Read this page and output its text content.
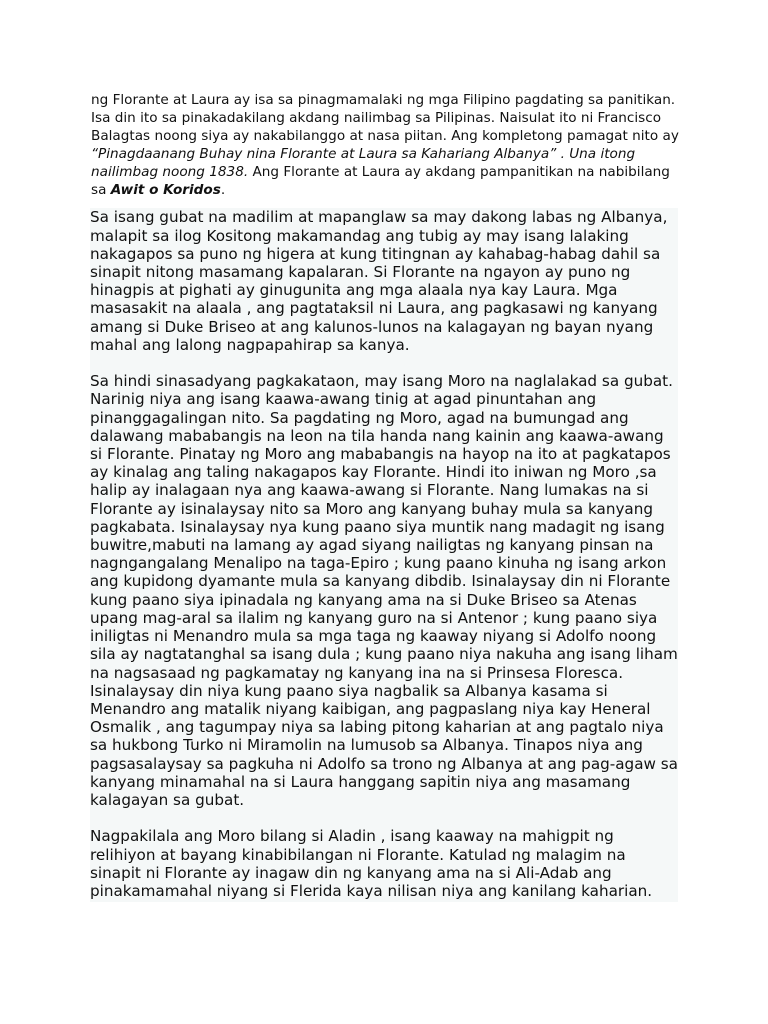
ng Florante at Laura ay isa sa pinagmamalaki ng mga Filipino pagdating sa panitikan. Isa din ito sa pinakadakilang akdang nailimbag sa Pilipinas. Naisulat ito ni Francisco Balagtas noong siya ay nakabilanggo at nasa piitan. Ang kompletong pamagat nito ay “Pinagdaanang Buhay nina Florante at Laura sa Kahariang Albanya” . Una itong nailimbag noong 1838. Ang Florante at Laura ay akdang pampanitikan na nabibilang sa Awit o Koridos.

Sa isang gubat na madilim at mapanglaw sa may dakong labas ng Albanya, malapit sa ilog Kositong makamandag ang tubig ay may isang lalaking nakagapos sa puno ng higera at kung titingnan ay kahabag-habag dahil sa sinapit nitong masamang kapalaran. Si Florante na ngayon ay puno ng hinagpis at pighati ay ginugunita ang mga alaala nya kay Laura. Mga masasakit na alaala , ang pagtataksil ni Laura, ang pagkasawi ng kanyang amang si Duke Briseo at ang kalunos-lunos na kalagayan ng bayan nyang mahal ang lalong nagpapahirap sa kanya.

Sa hindi sinasadyang pagkakataon, may isang Moro na naglalakad sa gubat. Narinig niya ang isang kaawa-awang tinig at agad pinuntahan ang pinanggagalingan nito. Sa pagdating ng Moro, agad na bumungad ang dalawang mababangis na leon na tila handa nang kainin ang kaawa-awang si Florante. Pinatay ng Moro ang mababangis na hayop na ito at pagkatapos ay kinalag ang taling nakagapos kay Florante. Hindi ito iniwan ng Moro ,sa halip ay inalagaan nya ang kaawa-awang si Florante. Nang lumakas na si Florante ay isinalaysay nito sa Moro ang kanyang buhay mula sa kanyang pagkabata. Isinalaysay nya kung paano siya muntik nang madagit ng isang buwitre,mabuti na lamang ay agad siyang nailigtas ng kanyang pinsan na nagngangalang Menalipo na taga-Epiro ; kung paano kinuha ng isang arkon ang kupidong dyamante mula sa kanyang dibdib. Isinalaysay din ni Florante kung paano siya ipinadala ng kanyang ama na si Duke Briseo sa Atenas upang mag-aral sa ilalim ng kanyang guro na si Antenor ; kung paano siya iniligtas ni Menandro mula sa mga taga ng kaaway niyang si Adolfo noong sila ay nagtatanghal sa isang dula ; kung paano niya nakuha ang isang liham na nagsasaad ng pagkamatay ng kanyang ina na si Prinsesa Floresca. Isinalaysay din niya kung paano siya nagbalik sa Albanya kasama si Menandro ang matalik niyang kaibigan, ang pagpaslang niya kay Heneral Osmalik , ang tagumpay niya sa labing pitong kaharian at ang pagtalo niya sa hukbong Turko ni Miramolin na lumusob sa Albanya. Tinapos niya ang pagsasalaysay sa pagkuha ni Adolfo sa trono ng Albanya at ang pag-agaw sa kanyang minamahal na si Laura hanggang sapitin niya ang masamang kalagayan sa gubat.

Nagpakilala ang Moro bilang si Aladin , isang kaaway na mahigpit ng relihiyon at bayang kinabibilangan ni Florante. Katulad ng malagim na sinapit ni Florante ay inagaw din ng kanyang ama na si Ali-Adab ang pinakamamahal niyang si Flerida kaya nilisan niya ang kanilang kaharian.
